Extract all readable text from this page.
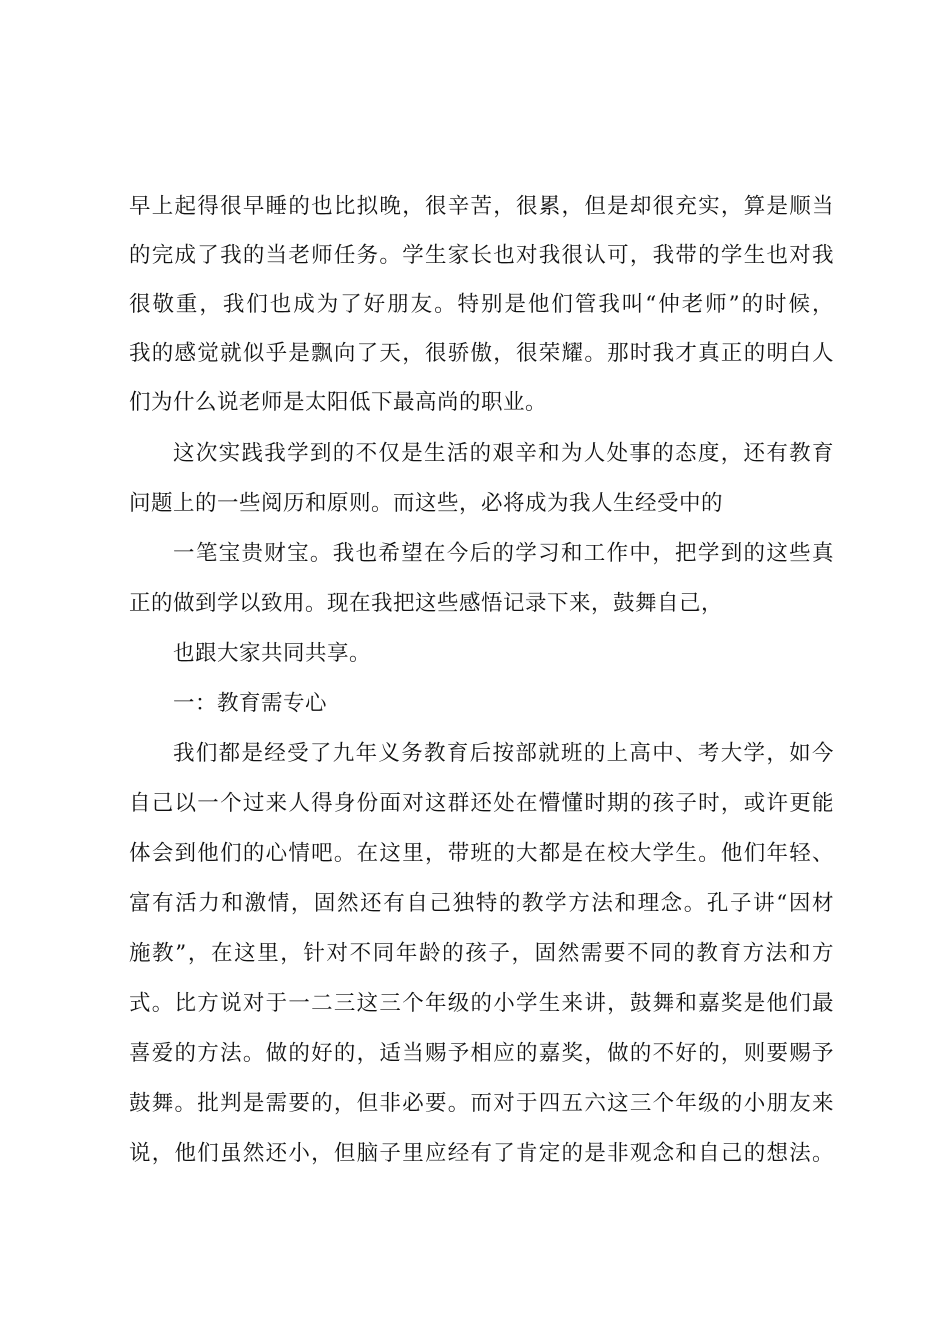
早上起得很早睡的也比拟晚，很辛苦，很累，但是却很充实，算是顺当
的完成了我的当老师任务。学生家长也对我很认可，我带的学生也对我
很敬重，我们也成为了好朋友。特别是他们管我叫“仲老师”的时候，
我的感觉就似乎是飘向了天，很骄傲，很荣耀。那时我才真正的明白人
们为什么说老师是太阳低下最高尚的职业。
这次实践我学到的不仅是生活的艰辛和为人处事的态度，还有教育
问题上的一些阅历和原则。而这些，必将成为我人生经受中的
一笔宝贵财宝。我也希望在今后的学习和工作中，把学到的这些真
正的做到学以致用。现在我把这些感悟记录下来，鼓舞自己，
也跟大家共同共享。
一：教育需专心
我们都是经受了九年义务教育后按部就班的上高中、考大学，如今
自己以一个过来人得身份面对这群还处在懵懂时期的孩子时，或许更能
体会到他们的心情吧。在这里，带班的大都是在校大学生。他们年轻、
富有活力和激情，固然还有自己独特的教学方法和理念。孔子讲“因材
施教”，在这里，针对不同年龄的孩子，固然需要不同的教育方法和方
式。比方说对于一二三这三个年级的小学生来讲，鼓舞和嘉奖是他们最
喜爱的方法。做的好的，适当赐予相应的嘉奖，做的不好的，则要赐予
鼓舞。批判是需要的，但非必要。而对于四五六这三个年级的小朋友来
说，他们虽然还小，但脑子里应经有了肯定的是非观念和自己的想法。
